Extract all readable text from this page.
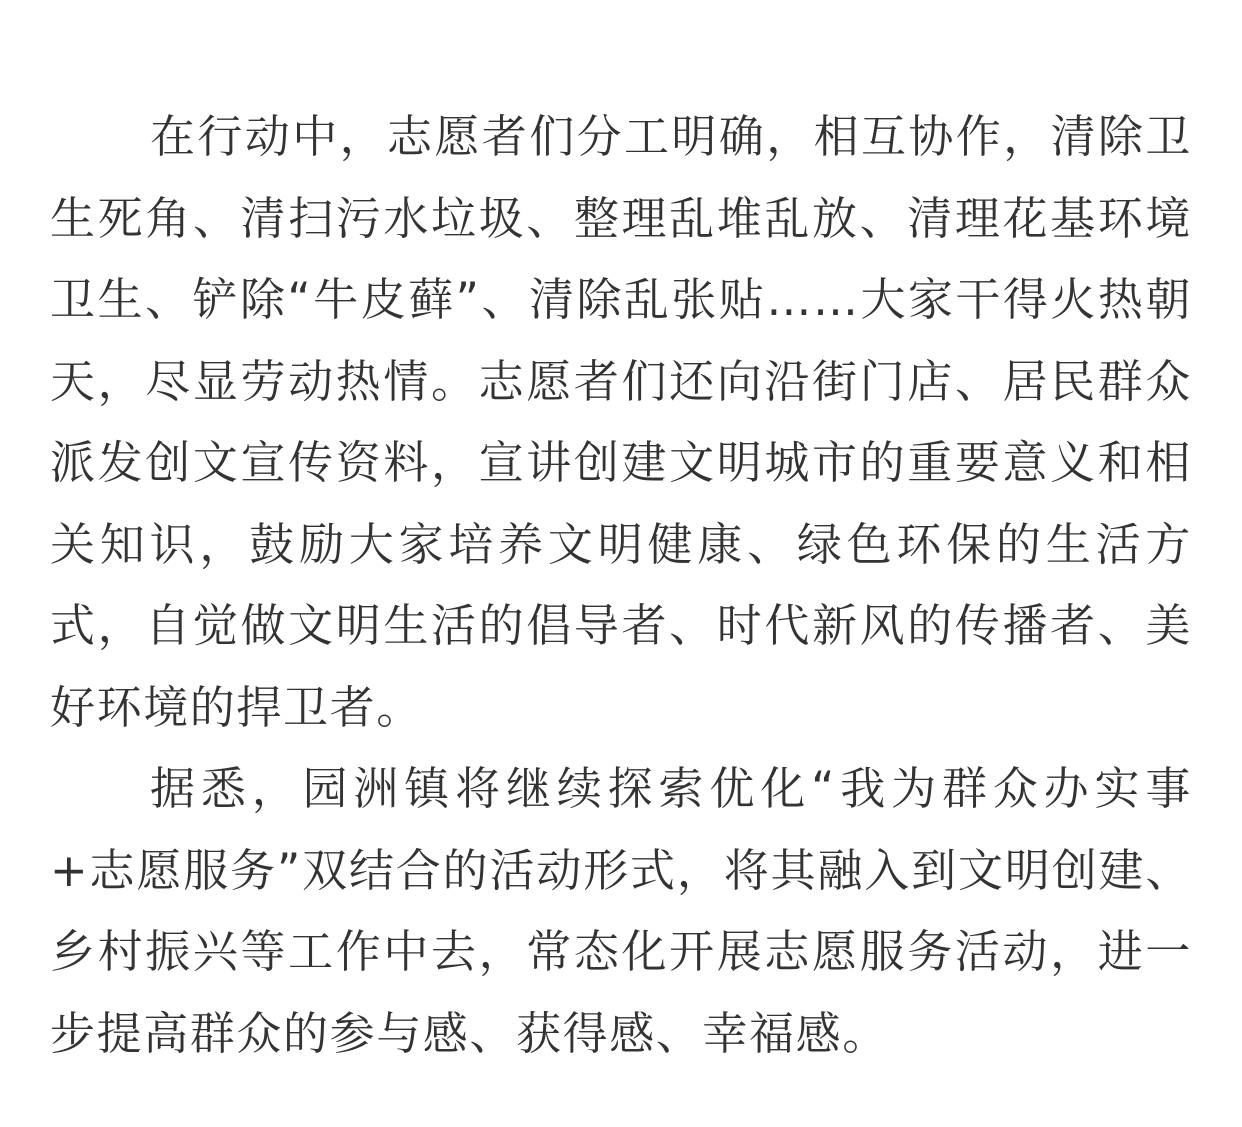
在行动中，志愿者们分工明确，相互协作，清除卫生死角、清扫污水垃圾、整理乱堆乱放、清理花基环境卫生、铲除“牛皮藓”、清除乱张贴……大家干得火热朝天，尽显劳动热情。志愿者们还向沿街门店、居民群众派发创文宣传资料，宣讲创建文明城市的重要意义和相关知识，鼓励大家培养文明健康、绿色环保的生活方式，自觉做文明生活的倡导者、时代新风的传播者、美好环境的捍卫者。

据悉，园洲镇将继续探索优化“我为群众办实事+志愿服务”双结合的活动形式，将其融入到文明创建、乡村振兴等工作中去，常态化开展志愿服务活动，进一步提高群众的参与感、获得感、幸福感。
